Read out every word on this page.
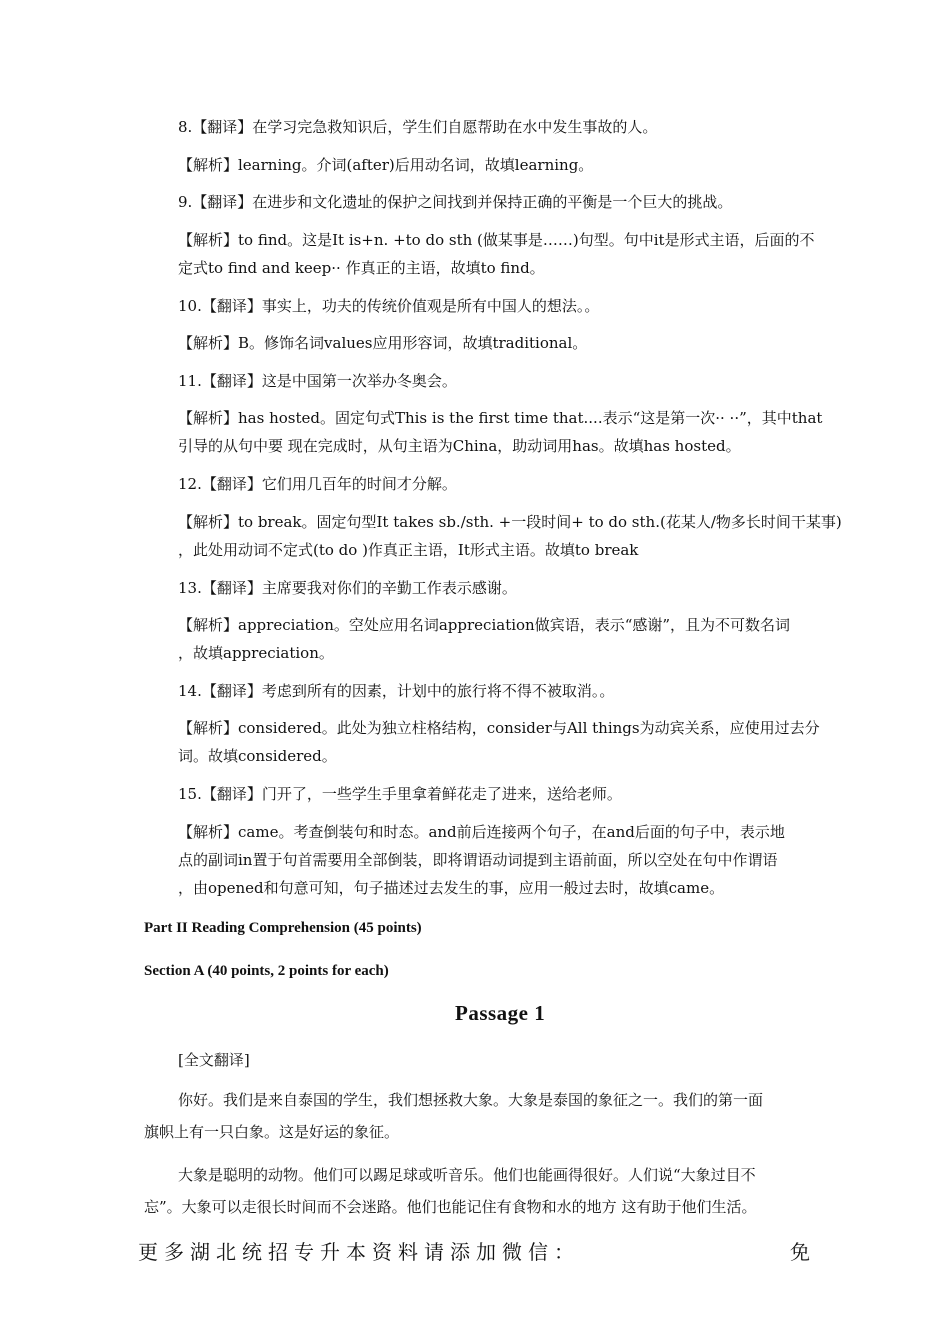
8.【翻译】在学习完急救知识后，学生们自愿帮助在水中发生事故的人。
【解析】learning。介词(after)后用动名词，故填learning。
9.【翻译】在进步和文化遗址的保护之间找到并保持正确的平衡是一个巨大的挑战。
【解析】to find。这是It is+n. +to do sth (做某事是……)句型。句中it是形式主语，后面的不
定式to find and keep·· 作真正的主语，故填to find。
10.【翻译】事实上，功夫的传统价值观是所有中国人的想法。。
【解析】B。修饰名词values应用形容词，故填traditional。
11.【翻译】这是中国第一次举办冬奥会。
【解析】has hosted。固定句式This is the first time that....表示“这是第一次·· ··”，其中that
引导的从句中要 现在完成时，从句主语为China，助动词用has。故填has hosted。
12.【翻译】它们用几百年的时间才分解。
【解析】to break。固定句型It takes sb./sth. +一段时间+ to do sth.(花某人/物多长时间干某事)
，此处用动词不定式(to do )作真正主语，It形式主语。故填to break
13.【翻译】主席要我对你们的辛勤工作表示感谢。
【解析】appreciation。空处应用名词appreciation做宾语，表示“感谢”，且为不可数名词
，故填appreciation。
14.【翻译】考虑到所有的因素，计划中的旅行将不得不被取消。。
【解析】considered。此处为独立柱格结构，consider与All things为动宾关系，应使用过去分
词。故填considered。
15.【翻译】门开了，一些学生手里拿着鲜花走了进来，送给老师。
【解析】came。考查倒装句和时态。and前后连接两个句子，在and后面的句子中，表示地
点的副词in置于句首需要用全部倒装，即将谓语动词提到主语前面，所以空处在句中作谓语
，由opened和句意可知，句子描述过去发生的事，应用一般过去时，故填came。
Part II Reading Comprehension (45 points)
Section A (40 points, 2 points for each)
Passage 1
[全文翻译]
你好。我们是来自泰国的学生，我们想拯救大象。大象是泰国的象征之一。我们的第一面
旗帜上有一只白象。这是好运的象征。
大象是聪明的动物。他们可以踢足球或听音乐。他们也能画得很好。人们说“大象过目不
忘”。大象可以走很长时间而不会迷路。他们也能记住有食物和水的地方 这有助于他们生活。
更多湖北统招专升本资料请添加微信：	免
